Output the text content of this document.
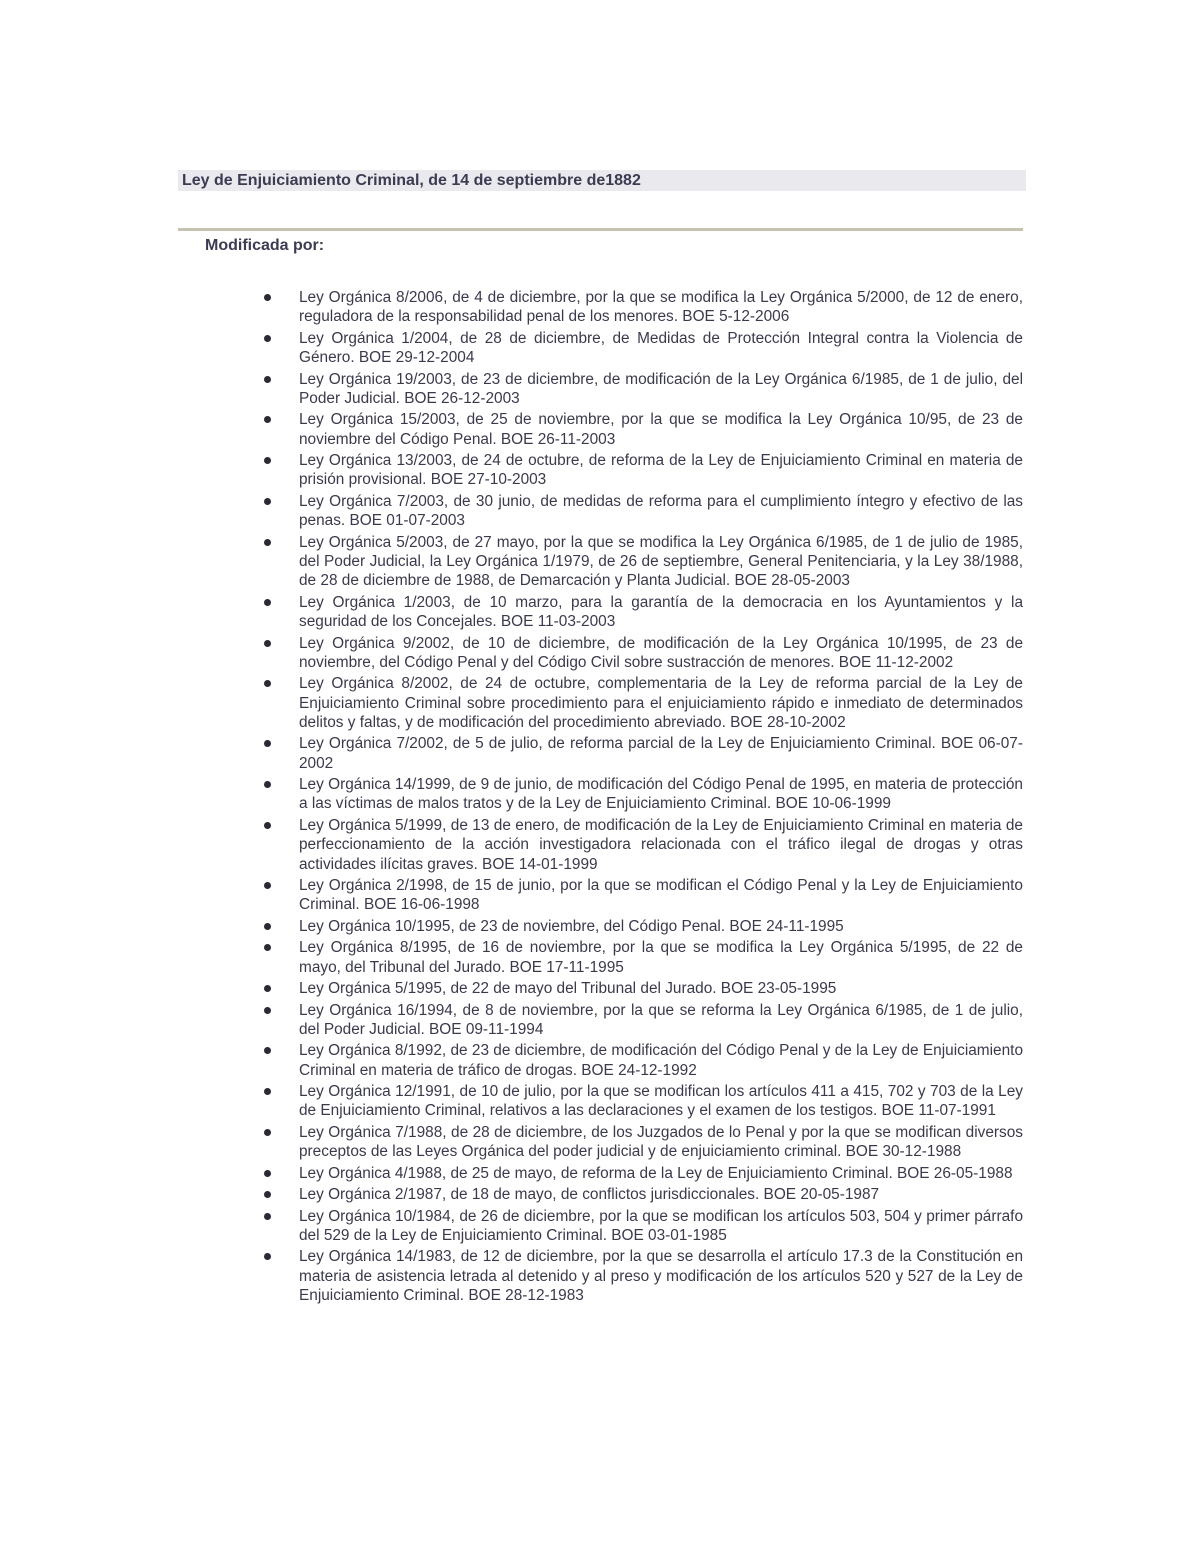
Ley de Enjuiciamiento Criminal, de 14 de septiembre de1882
Modificada por:
Ley Orgánica 8/2006, de 4 de diciembre, por la que se modifica la Ley Orgánica 5/2000, de 12 de enero, reguladora de la responsabilidad penal de los menores. BOE 5-12-2006
Ley Orgánica 1/2004, de 28 de diciembre, de Medidas de Protección Integral contra la Violencia de Género. BOE 29-12-2004
Ley Orgánica 19/2003, de 23 de diciembre, de modificación de la Ley Orgánica 6/1985, de 1 de julio, del Poder Judicial. BOE 26-12-2003
Ley Orgánica 15/2003, de 25 de noviembre, por la que se modifica la Ley Orgánica 10/95, de 23 de noviembre del Código Penal. BOE 26-11-2003
Ley Orgánica 13/2003, de 24 de octubre, de reforma de la Ley de Enjuiciamiento Criminal en materia de prisión provisional. BOE 27-10-2003
Ley Orgánica 7/2003, de 30 junio, de medidas de reforma para el cumplimiento íntegro y efectivo de las penas. BOE 01-07-2003
Ley Orgánica 5/2003, de 27 mayo, por la que se modifica la Ley Orgánica 6/1985, de 1 de julio de 1985, del Poder Judicial, la Ley Orgánica 1/1979, de 26 de septiembre, General Penitenciaria, y la Ley 38/1988, de 28 de diciembre de 1988, de Demarcación y Planta Judicial. BOE 28-05-2003
Ley Orgánica 1/2003, de 10 marzo, para la garantía de la democracia en los Ayuntamientos y la seguridad de los Concejales. BOE 11-03-2003
Ley Orgánica 9/2002, de 10 de diciembre, de modificación de la Ley Orgánica 10/1995, de 23 de noviembre, del Código Penal y del Código Civil sobre sustracción de menores. BOE 11-12-2002
Ley Orgánica 8/2002, de 24 de octubre, complementaria de la Ley de reforma parcial de la Ley de Enjuiciamiento Criminal sobre procedimiento para el enjuiciamiento rápido e inmediato de determinados delitos y faltas, y de modificación del procedimiento abreviado. BOE 28-10-2002
Ley Orgánica 7/2002, de 5 de julio, de reforma parcial de la Ley de Enjuiciamiento Criminal. BOE 06-07-2002
Ley Orgánica 14/1999, de 9 de junio, de modificación del Código Penal de 1995, en materia de protección a las víctimas de malos tratos y de la Ley de Enjuiciamiento Criminal. BOE 10-06-1999
Ley Orgánica 5/1999, de 13 de enero, de modificación de la Ley de Enjuiciamiento Criminal en materia de perfeccionamiento de la acción investigadora relacionada con el tráfico ilegal de drogas y otras actividades ilícitas graves. BOE 14-01-1999
Ley Orgánica 2/1998, de 15 de junio, por la que se modifican el Código Penal y la Ley de Enjuiciamiento Criminal. BOE 16-06-1998
Ley Orgánica 10/1995, de 23 de noviembre, del Código Penal. BOE 24-11-1995
Ley Orgánica 8/1995, de 16 de noviembre, por la que se modifica la Ley Orgánica 5/1995, de 22 de mayo, del Tribunal del Jurado. BOE 17-11-1995
Ley Orgánica 5/1995, de 22 de mayo del Tribunal del Jurado. BOE 23-05-1995
Ley Orgánica 16/1994, de 8 de noviembre, por la que se reforma la Ley Orgánica 6/1985, de 1 de julio, del Poder Judicial. BOE 09-11-1994
Ley Orgánica 8/1992, de 23 de diciembre, de modificación del Código Penal y de la Ley de Enjuiciamiento Criminal en materia de tráfico de drogas. BOE 24-12-1992
Ley Orgánica 12/1991, de 10 de julio, por la que se modifican los artículos 411 a 415, 702 y 703 de la Ley de Enjuiciamiento Criminal, relativos a las declaraciones y el examen de los testigos. BOE 11-07-1991
Ley Orgánica 7/1988, de 28 de diciembre, de los Juzgados de lo Penal y por la que se modifican diversos preceptos de las Leyes Orgánica del poder judicial y de enjuiciamiento criminal. BOE 30-12-1988
Ley Orgánica 4/1988, de 25 de mayo, de reforma de la Ley de Enjuiciamiento Criminal. BOE 26-05-1988
Ley Orgánica 2/1987, de 18 de mayo, de conflictos jurisdiccionales. BOE 20-05-1987
Ley Orgánica 10/1984, de 26 de diciembre, por la que se modifican los artículos 503, 504 y primer párrafo del 529 de la Ley de Enjuiciamiento Criminal. BOE 03-01-1985
Ley Orgánica 14/1983, de 12 de diciembre, por la que se desarrolla el artículo 17.3 de la Constitución en materia de asistencia letrada al detenido y al preso y modificación de los artículos 520 y 527 de la Ley de Enjuiciamiento Criminal. BOE 28-12-1983
